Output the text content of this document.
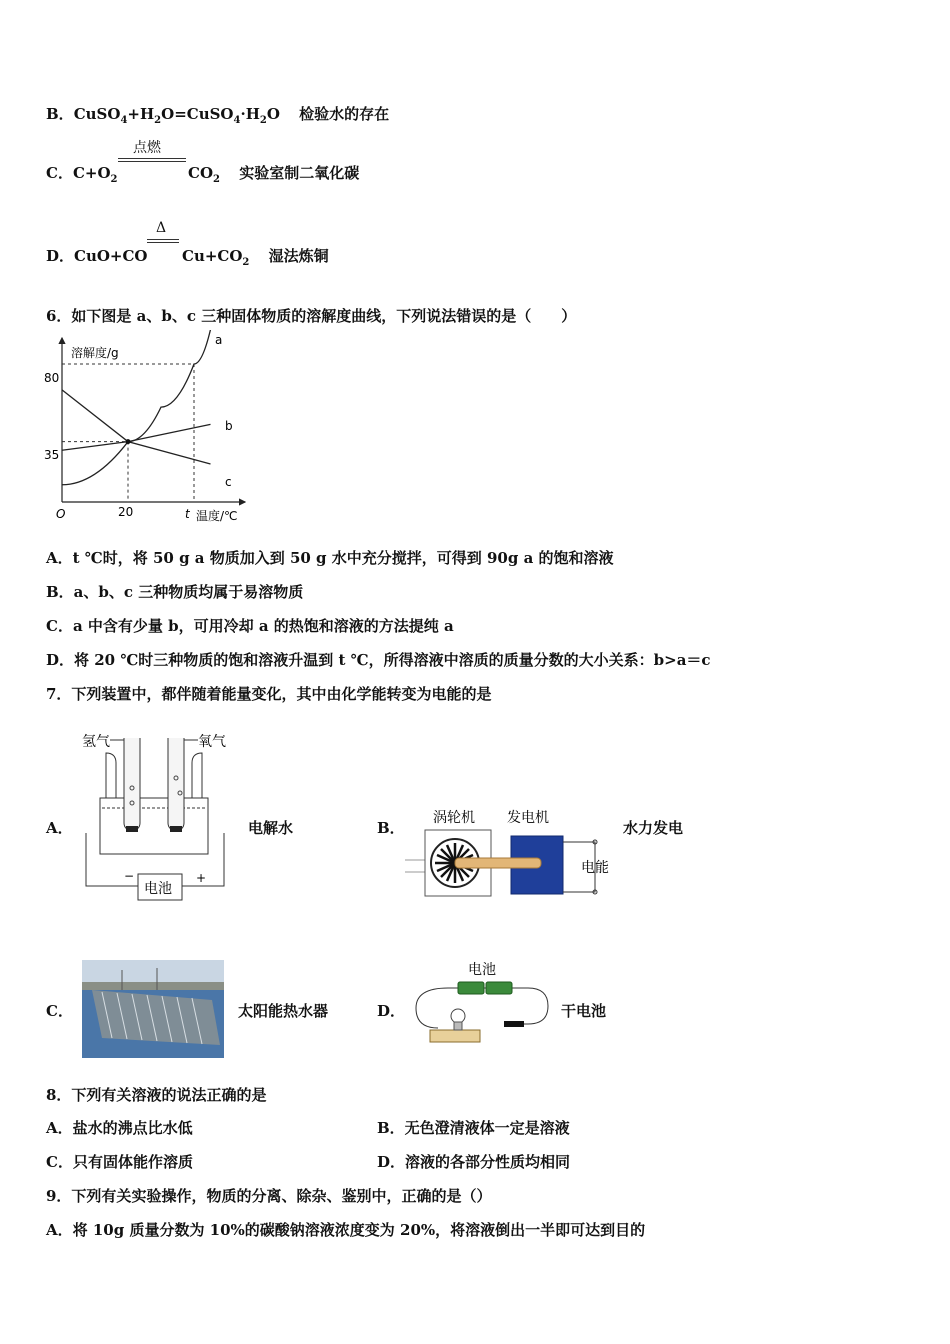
B．$CuSO_4+H_2O=CuSO_4\cdot H_2O$ 检验水的存在
C．$C+O_2$
点燃
$CO_2$ 实验室制二氧化碳
D．CuO+CO
Δ
$Cu+CO_2$ 湿法炼铜
6．如下图是 a、b、c 三种固体物质的溶解度曲线，下列说法错误的是（　　）
溶解度/g
温度/℃
O
80
35
20	t
a
b
c
A．t ℃时，将 50 g a 物质加入到 50 g 水中充分搅拌，可得到 90g a 的饱和溶液
B．a、b、c 三种物质均属于易溶物质
C．a 中含有少量 b，可用冷却 a 的热饱和溶液的方法提纯 a
D．将 20 ℃时三种物质的饱和溶液升温到 t ℃，所得溶液中溶质的质量分数的大小关系：b>a＝c
7．下列装置中，都伴随着能量变化，其中由化学能转变为电能的是
A．
氢气	氧气
电池
−	+
电解水	B．
涡轮机 发电机
电能
水力发电
C．	太阳能热水器	D．
电池
干电池
8．下列有关溶液的说法正确的是
A．盐水的沸点比水低	B．无色澄清液体一定是溶液
C．只有固体能作溶质	D．溶液的各部分性质均相同
9．下列有关实验操作，物质的分离、除杂、鉴别中，正确的是（）
A．将 10g 质量分数为 10%的碳酸钠溶液浓度变为 20%，将溶液倒出一半即可达到目的
